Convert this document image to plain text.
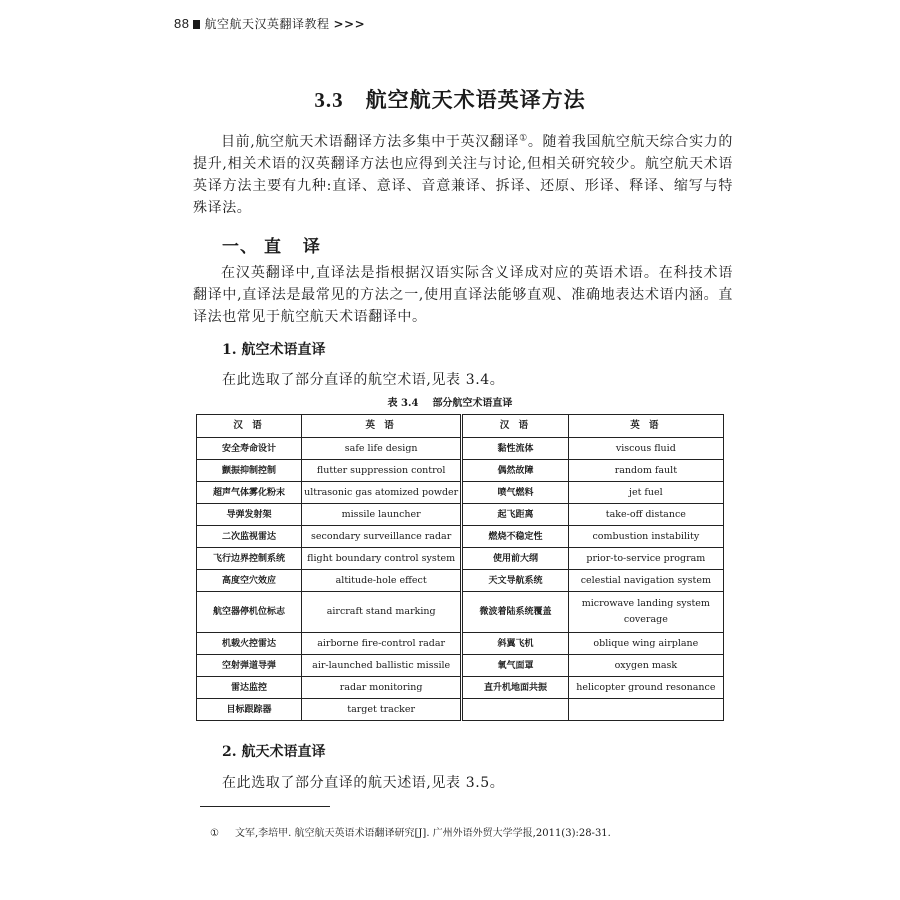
88 航空航天汉英翻译教程 >>>
3.3 航空航天术语英译方法

目前,航空航天术语翻译方法多集中于英汉翻译①。随着我国航空航天综合实力的提升,相关术语的汉英翻译方法也应得到关注与讨论,但相关研究较少。航空航天术语英译方法主要有九种:直译、意译、音意兼译、拆译、还原、形译、释译、缩写与特殊译法。

一、 直 译

在汉英翻译中,直译法是指根据汉语实际含义译成对应的英语术语。在科技术语翻译中,直译法是最常见的方法之一,使用直译法能够直观、准确地表达术语内涵。直译法也常见于航空航天术语翻译中。

1. 航空术语直译
在此选取了部分直译的航空术语,见表 3.4。
表 3.4 部分航空术语直译
汉 语	英 语	汉 语	英 语
安全寿命设计	safe life design	黏性流体	viscous fluid
颤振抑制控制	flutter suppression control	偶然故障	random fault
超声气体雾化粉末	ultrasonic gas atomized powder	喷气燃料	jet fuel
导弹发射架	missile launcher	起飞距离	take-off distance
二次监视雷达	secondary surveillance radar	燃烧不稳定性	combustion instability
飞行边界控制系统	flight boundary control system	使用前大纲	prior-to-service program
高度空穴效应	altitude-hole effect	天文导航系统	celestial navigation system
航空器停机位标志	aircraft stand marking	微波着陆系统覆盖	microwave landing system coverage
机载火控雷达	airborne fire-control radar	斜翼飞机	oblique wing airplane
空射弹道导弹	air-launched ballistic missile	氧气面罩	oxygen mask
雷达监控	radar monitoring	直升机地面共振	helicopter ground resonance
目标跟踪器	target tracker		
2. 航天术语直译
在此选取了部分直译的航天述语,见表 3.5。
① 文军,李培甲. 航空航天英语术语翻译研究[J]. 广州外语外贸大学学报,2011(3):28-31.
